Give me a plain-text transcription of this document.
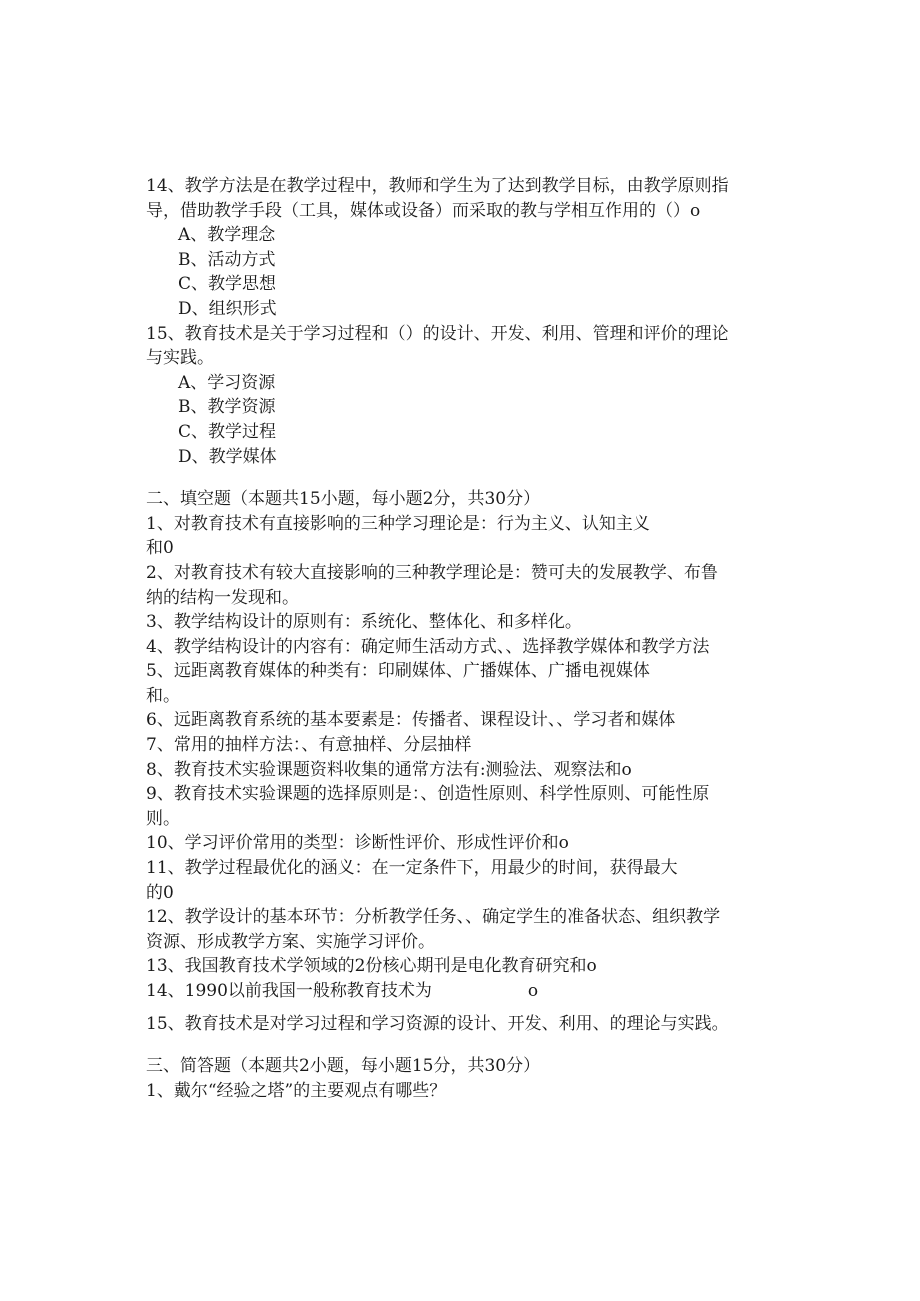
14、教学方法是在教学过程中，教师和学生为了达到教学目标，由教学原则指
导，借助教学手段（工具，媒体或设备）而采取的教与学相互作用的（）o
A、教学理念
B、活动方式
C、教学思想
D、组织形式
15、教育技术是关于学习过程和（）的设计、开发、利用、管理和评价的理论
与实践。
A、学习资源
B、教学资源
C、教学过程
D、教学媒体
二、填空题（本题共15小题，每小题2分，共30分）
1、对教育技术有直接影响的三种学习理论是：行为主义、认知主义
和0
2、对教育技术有较大直接影响的三种教学理论是：赞可夫的发展教学、布鲁
纳的结构一发现和。
3、教学结构设计的原则有：系统化、整体化、和多样化。
4、教学结构设计的内容有：确定师生活动方式、、选择教学媒体和教学方法
5、远距离教育媒体的种类有：印刷媒体、广播媒体、广播电视媒体
和。
6、远距离教育系统的基本要素是：传播者、课程设计、、学习者和媒体
7、常用的抽样方法：、有意抽样、分层抽样
8、教育技术实验课题资料收集的通常方法有:测验法、观察法和o
9、教育技术实验课题的选择原则是：、创造性原则、科学性原则、可能性原
则。
10、学习评价常用的类型：诊断性评价、形成性评价和o
11、教学过程最优化的涵义：在一定条件下，用最少的时间，获得最大
的0
12、教学设计的基本环节：分析教学任务、、确定学生的准备状态、组织教学
资源、形成教学方案、实施学习评价。
13、我国教育技术学领域的2份核心期刊是电化教育研究和o
14、1990以前我国一般称教育技术为	o
15、教育技术是对学习过程和学习资源的设计、开发、利用、的理论与实践。
三、简答题（本题共2小题，每小题15分，共30分）
1、戴尔“经验之塔”的主要观点有哪些？
